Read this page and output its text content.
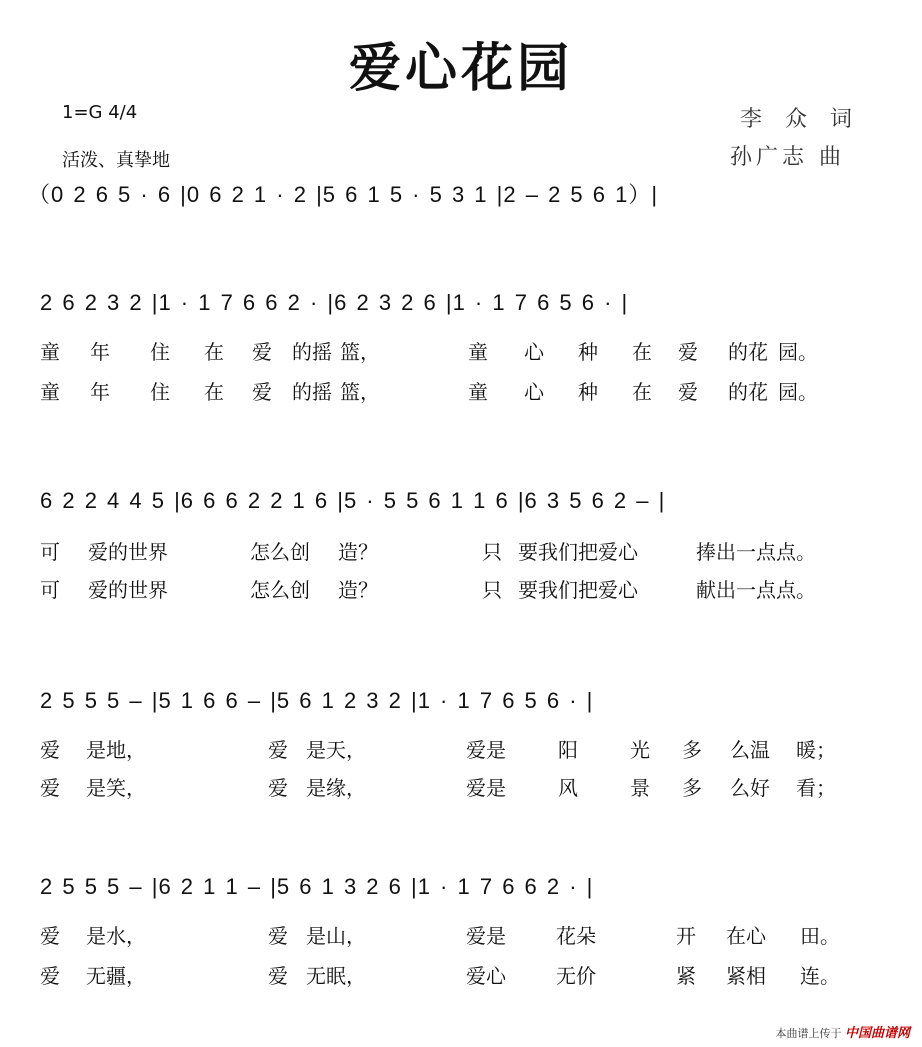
爱心花园
1=G 4/4
活泼、真挚地
李 众 词
孙广志 曲
（0 2 6 5 · 6 |0 6 2 1 · 2 |5 6 1 5 · 5 3 1 |2 – 2 5 6 1）|
2 6 2 3 2 |1 · 1 7 6 6 2 · |6 2 3 2 6 |1 · 1 7 6 5 6 · |
童 年 住 在 爱 的摇 篮，	童 心 种 在 爱 的花 园。
童 年 住 在 爱 的摇 篮，	童 心 种 在 爱 的花 园。
6 2 2 4 4 5 |6 6 6 2 2 1 6 |5 · 5 5 6 1 1 6 |6 3 5 6 2 – |
可 爱的世界	怎么创 造？	只 要我们把爱心	捧出一点点。
可 爱的世界	怎么创 造？	只 要我们把爱心	献出一点点。
2 5 5 5 – |5 1 6 6 – |5 6 1 2 3 2 |1 · 1 7 6 5 6 · |
爱 是地，	爱 是天，	爱是	阳	光 多 么温 暖；
爱 是笑，	爱 是缘，	爱是	风	景 多 么好 看；
2 5 5 5 – |6 2 1 1 – |5 6 1 3 2 6 |1 · 1 7 6 6 2 · |
爱 是水，	爱 是山，	爱是	花朵	开 在心 田。
爱 无疆，	爱 无眠，	爱心	无价	紧 紧相 连。
本曲谱上传于 中国曲谱网
